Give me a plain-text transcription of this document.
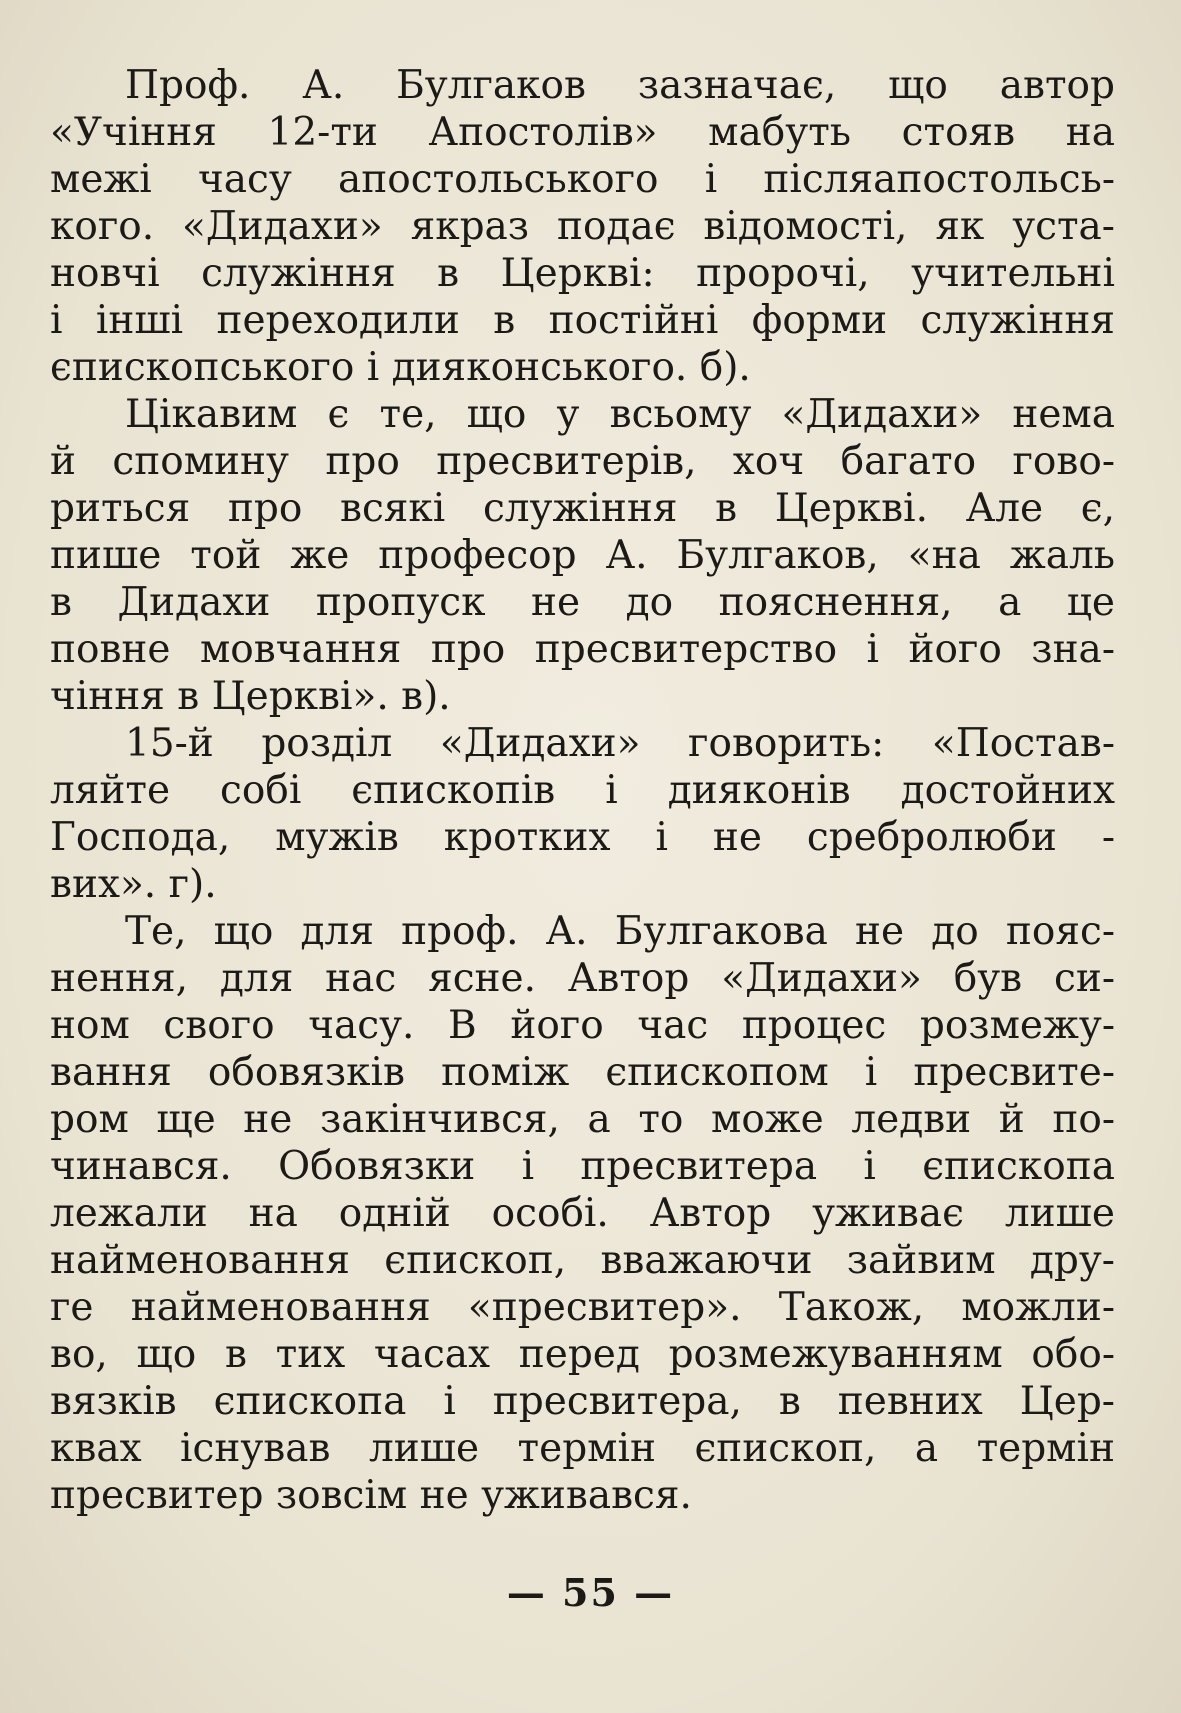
Проф. А. Булгаков зазначає, що автор
«Учіння 12-ти Апостолів» мабуть стояв на
межі часу апостольського і післяапостольсь-
кого. «Дидахи» якраз подає відомості, як уста-
новчі служіння в Церкві: пророчі, учительні
і інші переходили в постійні форми служіння
єпископського і дияконського. б).

Цікавим є те, що у всьому «Дидахи» нема
й спомину про пресвитерів, хоч багато гово-
риться про всякі служіння в Церкві. Але є,
пише той же професор А. Булгаков, «на жаль
в Дидахи пропуск не до пояснення, а це
повне мовчання про пресвитерство і його зна-
чіння в Церкві». в).

15-й розділ «Дидахи» говорить: «Постав-
ляйте собі єпископів і дияконів достойних
Господа, мужів кротких і не сребролюби -
вих». г).

Те, що для проф. А. Булгакова не до пояс-
нення, для нас ясне. Автор «Дидахи» був си-
ном свого часу. В його час процес розмежу-
вання обовязків поміж єпископом і пресвите-
ром ще не закінчився, а то може ледви й по-
чинався. Обовязки і пресвитера і єпископа
лежали на одній особі. Автор уживає лише
найменовання єпископ, вважаючи зайвим дру-
ге найменовання «пресвитер». Також, можли-
во, що в тих часах перед розмежуванням обо-
вязків єпископа і пресвитера, в певних Цер-
квах існував лише термін єпископ, а термін
пресвитер зовсім не уживався.

— 55 —
